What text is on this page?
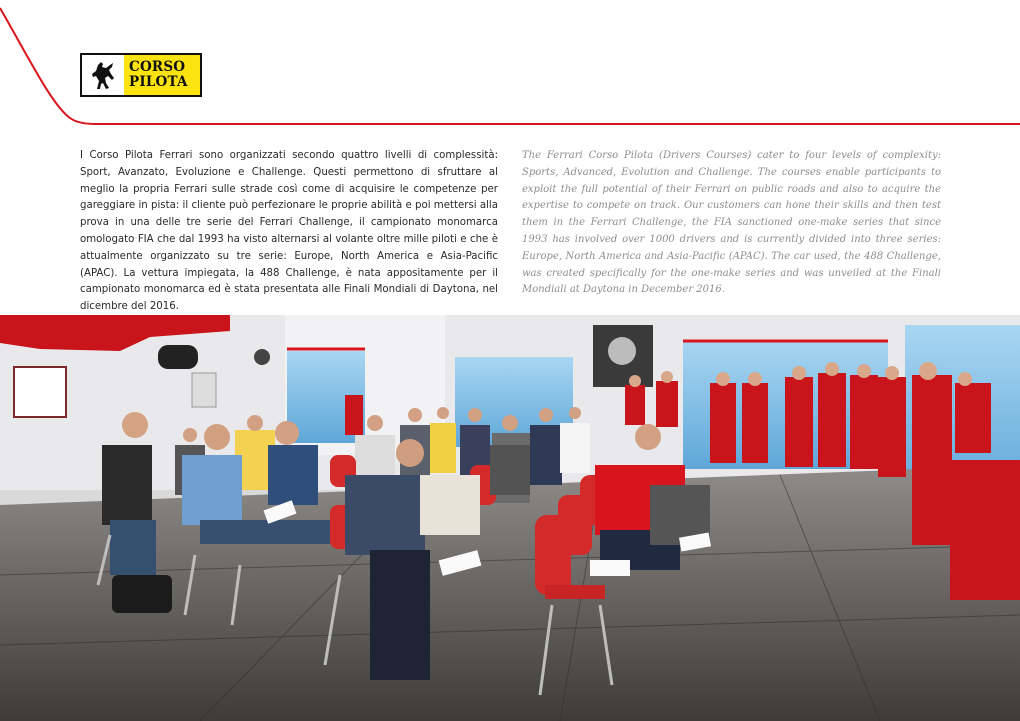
CORSO
PILOTA

I Corso Pilota Ferrari sono organizzati secondo quattro livelli di complessità: Sport, Avanzato, Evoluzione e Challenge. Questi permettono di sfruttare al meglio la propria Ferrari sulle strade così come di acquisire le competenze per gareggiare in pista: il cliente può perfezionare le proprie abilità e poi mettersi alla prova in una delle tre serie del Ferrari Challenge, il campionato monomarca omologato FIA che dal 1993 ha visto alternarsi al volante oltre mille piloti e che è attualmente organizzato su tre serie: Europe, North America e Asia-Pacific (APAC). La vettura impiegata, la 488 Challenge, è nata appositamente per il campionato monomarca ed è stata presentata alle Finali Mondiali di Daytona, nel dicembre del 2016.

The Ferrari Corso Pilota (Drivers Courses) cater to four levels of complexity: Sports, Advanced, Evolution and Challenge. The courses enable participants to exploit the full potential of their Ferrari on public roads and also to acquire the expertise to compete on track. Our customers can hone their skills and then test them in the Ferrari Challenge, the FIA sanctioned one-make series that since 1993 has involved over 1000 drivers and is currently divided into three series: Europe, North America and Asia-Pacific (APAC). The car used, the 488 Challenge, was created specifically for the one-make series and was unveiled at the Finali Mondiali at Daytona in December 2016.
